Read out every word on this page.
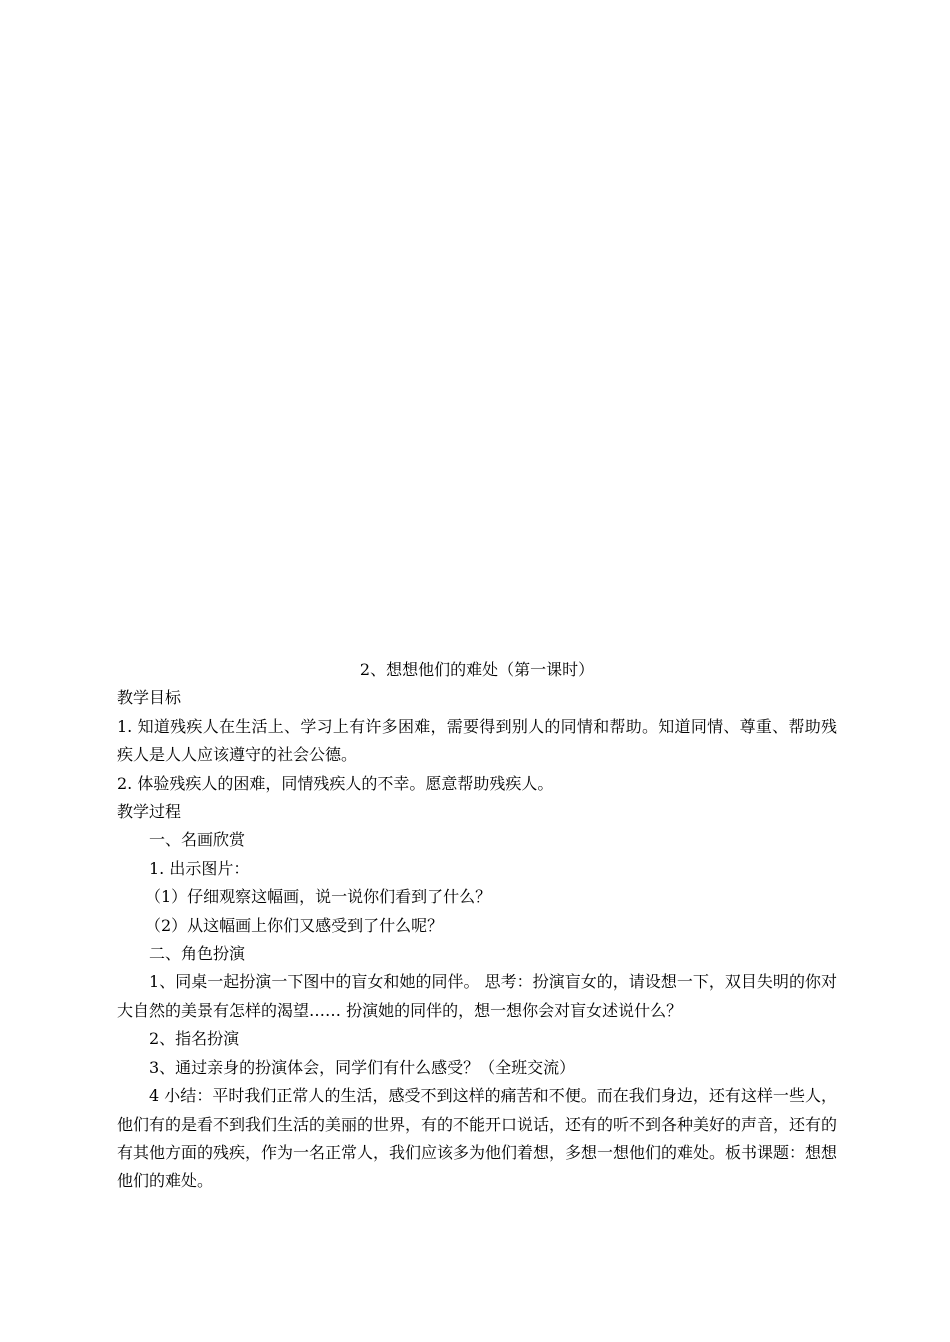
2、想想他们的难处（第一课时）

教学目标

1. 知道残疾人在生活上、学习上有许多困难，需要得到别人的同情和帮助。知道同情、尊重、帮助残疾人是人人应该遵守的社会公德。

2. 体验残疾人的困难，同情残疾人的不幸。愿意帮助残疾人。

教学过程

一、名画欣赏

1. 出示图片：

（1）仔细观察这幅画，说一说你们看到了什么？

（2）从这幅画上你们又感受到了什么呢？

二、角色扮演

1、同桌一起扮演一下图中的盲女和她的同伴。 思考：扮演盲女的，请设想一下，双目失明的你对大自然的美景有怎样的渴望…… 扮演她的同伴的，想一想你会对盲女述说什么？

2、指名扮演

3、通过亲身的扮演体会，同学们有什么感受？（全班交流）

4 小结：平时我们正常人的生活，感受不到这样的痛苦和不便。而在我们身边，还有这样一些人，他们有的是看不到我们生活的美丽的世界，有的不能开口说话，还有的听不到各种美好的声音，还有的有其他方面的残疾，作为一名正常人，我们应该多为他们着想，多想一想他们的难处。板书课题：想想他们的难处。
